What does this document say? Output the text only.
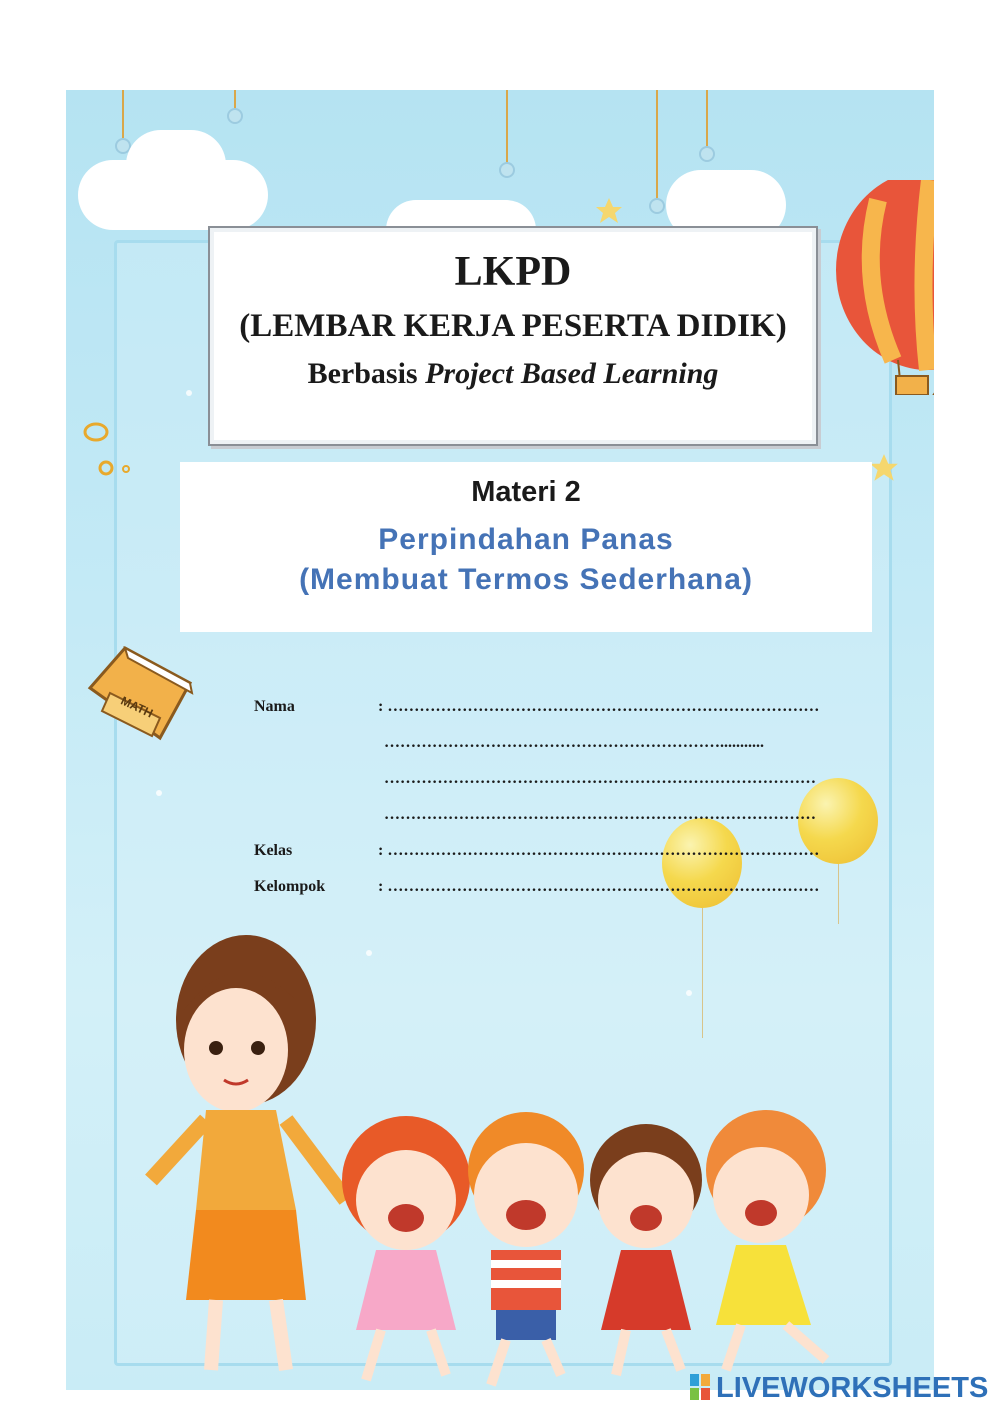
LKPD
(LEMBAR KERJA PESERTA DIDIK)
Berbasis Project Based Learning
Materi 2
Perpindahan Panas
(Membuat Termos Sederhana)
Nama	: ………………………………………………………………………
………………………………………………………...........
………………………………………………………………………
………………………………………………………………………
Kelas	: ………………………………………………………………………
Kelompok	: ………………………………………………………………………
MATH
LIVEWORKSHEETS
